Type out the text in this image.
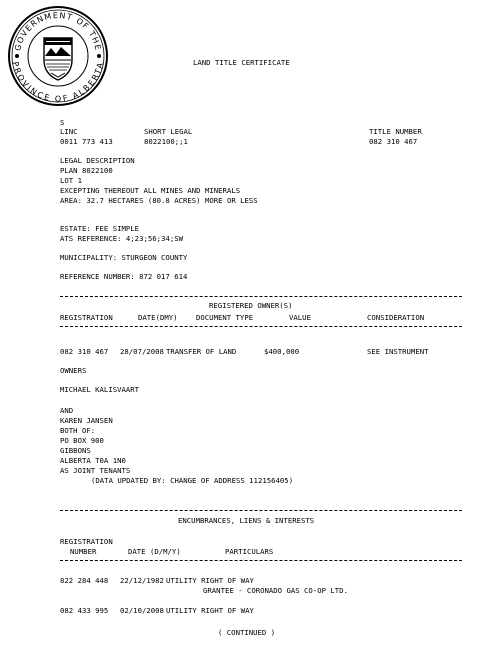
GOVERNMENT OF THE
PROVINCE OF ALBERTA	LAND TITLE CERTIFICATE
S
LINC	SHORT LEGAL	TITLE NUMBER
0011 773 413	8022100;;1	082 310 467
LEGAL DESCRIPTION
PLAN 8022100
LOT 1
EXCEPTING THEREOUT ALL MINES AND MINERALS
AREA: 32.7 HECTARES (80.8 ACRES) MORE OR LESS
ESTATE: FEE SIMPLE
ATS REFERENCE: 4;23;56;34;SW
MUNICIPALITY: STURGEON COUNTY
REFERENCE NUMBER: 872 017 614
REGISTERED OWNER(S)
REGISTRATION	DATE(DMY)	DOCUMENT TYPE	VALUE	CONSIDERATION
082 310 467 28/07/2008 TRANSFER OF LAND	$400,000	SEE INSTRUMENT
OWNERS
MICHAEL KALISVAART
AND
KAREN JANSEN
BOTH OF:
PO BOX 900
GIBBONS
ALBERTA T0A 1N0
AS JOINT TENANTS
(DATA UPDATED BY: CHANGE OF ADDRESS 112156405)
ENCUMBRANCES, LIENS & INTERESTS
REGISTRATION
NUMBER	DATE (D/M/Y)	PARTICULARS
822 284 448 22/12/1982 UTILITY RIGHT OF WAY
GRANTEE - CORONADO GAS CO-OP LTD.
082 433 995 02/10/2008 UTILITY RIGHT OF WAY
( CONTINUED )
